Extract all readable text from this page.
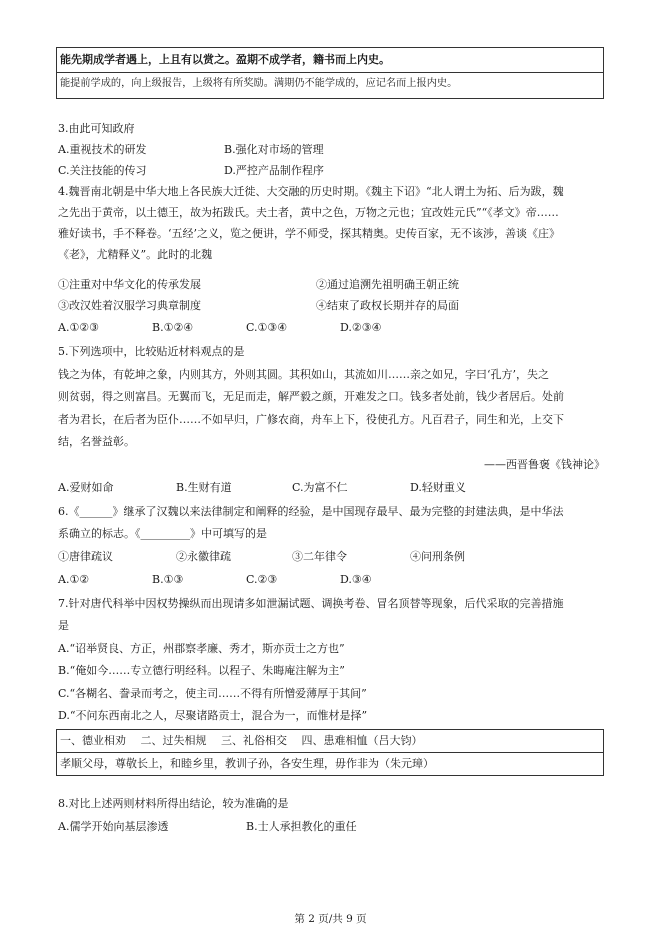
能先期成学者遇上，上且有以赏之。盈期不成学者，籍书而上内史。
能提前学成的，向上级报告，上级将有所奖励。满期仍不能学成的，应记名而上报内史。
3.由此可知政府
A.重视技术的研发	B.强化对市场的管理
C.关注技能的传习	D.严控产品制作程序
4.魏晋南北朝是中华大地上各民族大迁徙、大交融的历史时期。《魏主下诏》“北人谓土为拓、后为跋，魏
之先出于黄帝，以土德王，故为拓跋氏。夫土者，黄中之色，万物之元也；宜改姓元氏”“《孝文》帝……
雅好读书，手不释卷。‘五经’之义，览之便讲，学不师受，探其精奥。史传百家，无不该涉，善谈《庄》
《老》，尤精释义”。此时的北魏
①注重对中华文化的传承发展	②通过追溯先祖明确王朝正统
③改汉姓着汉服学习典章制度	④结束了政权长期并存的局面
A.①②③	B.①②④	C.①③④	D.②③④
5.下列选项中，比较贴近材料观点的是
钱之为体，有乾坤之象，内则其方，外则其圆。其积如山，其流如川……亲之如兄，字曰‘孔方’，失之
则贫弱，得之则富昌。无翼而飞，无足而走，解严毅之颜，开难发之口。钱多者处前，钱少者居后。处前
者为君长，在后者为臣仆……不如早归，广修农商，舟车上下，役使孔方。凡百君子，同生和光，上交下
结，名誉益彰。
——西晋鲁褒《钱神论》
A.爱财如命	B.生财有道	C.为富不仁	D.轻财重义
6.《______》继承了汉魏以来法律制定和阐释的经验，是中国现存最早、最为完整的封建法典，是中华法
系确立的标志。《_________》中可填写的是
①唐律疏议	②永徽律疏	③二年律令	④问刑条例
A.①②	B.①③	C.②③	D.③④
7.针对唐代科举中因权势操纵而出现请多如泄漏试题、调换考卷、冒名顶替等现象，后代采取的完善措施
是
A.“诏举贤良、方正，州郡察孝廉、秀才，斯亦贡士之方也”
B.“俺如今……专立德行明经科。以程子、朱晦庵注解为主”
C.“各糊名、誊录而考之，使主司……不得有所憎爱薄厚于其间”
D.“不问东西南北之人，尽聚诸路贡士，混合为一，而惟材是择”
一、德业相劝　 二、过失相规　 三、礼俗相交　 四、患难相恤（吕大钧）
孝顺父母，尊敬长上，和睦乡里，教训子孙，各安生理，毋作非为（朱元璋）
8.对比上述两则材料所得出结论，较为准确的是
A.儒学开始向基层渗透	B.士人承担教化的重任
第 2 页/共 9 页
